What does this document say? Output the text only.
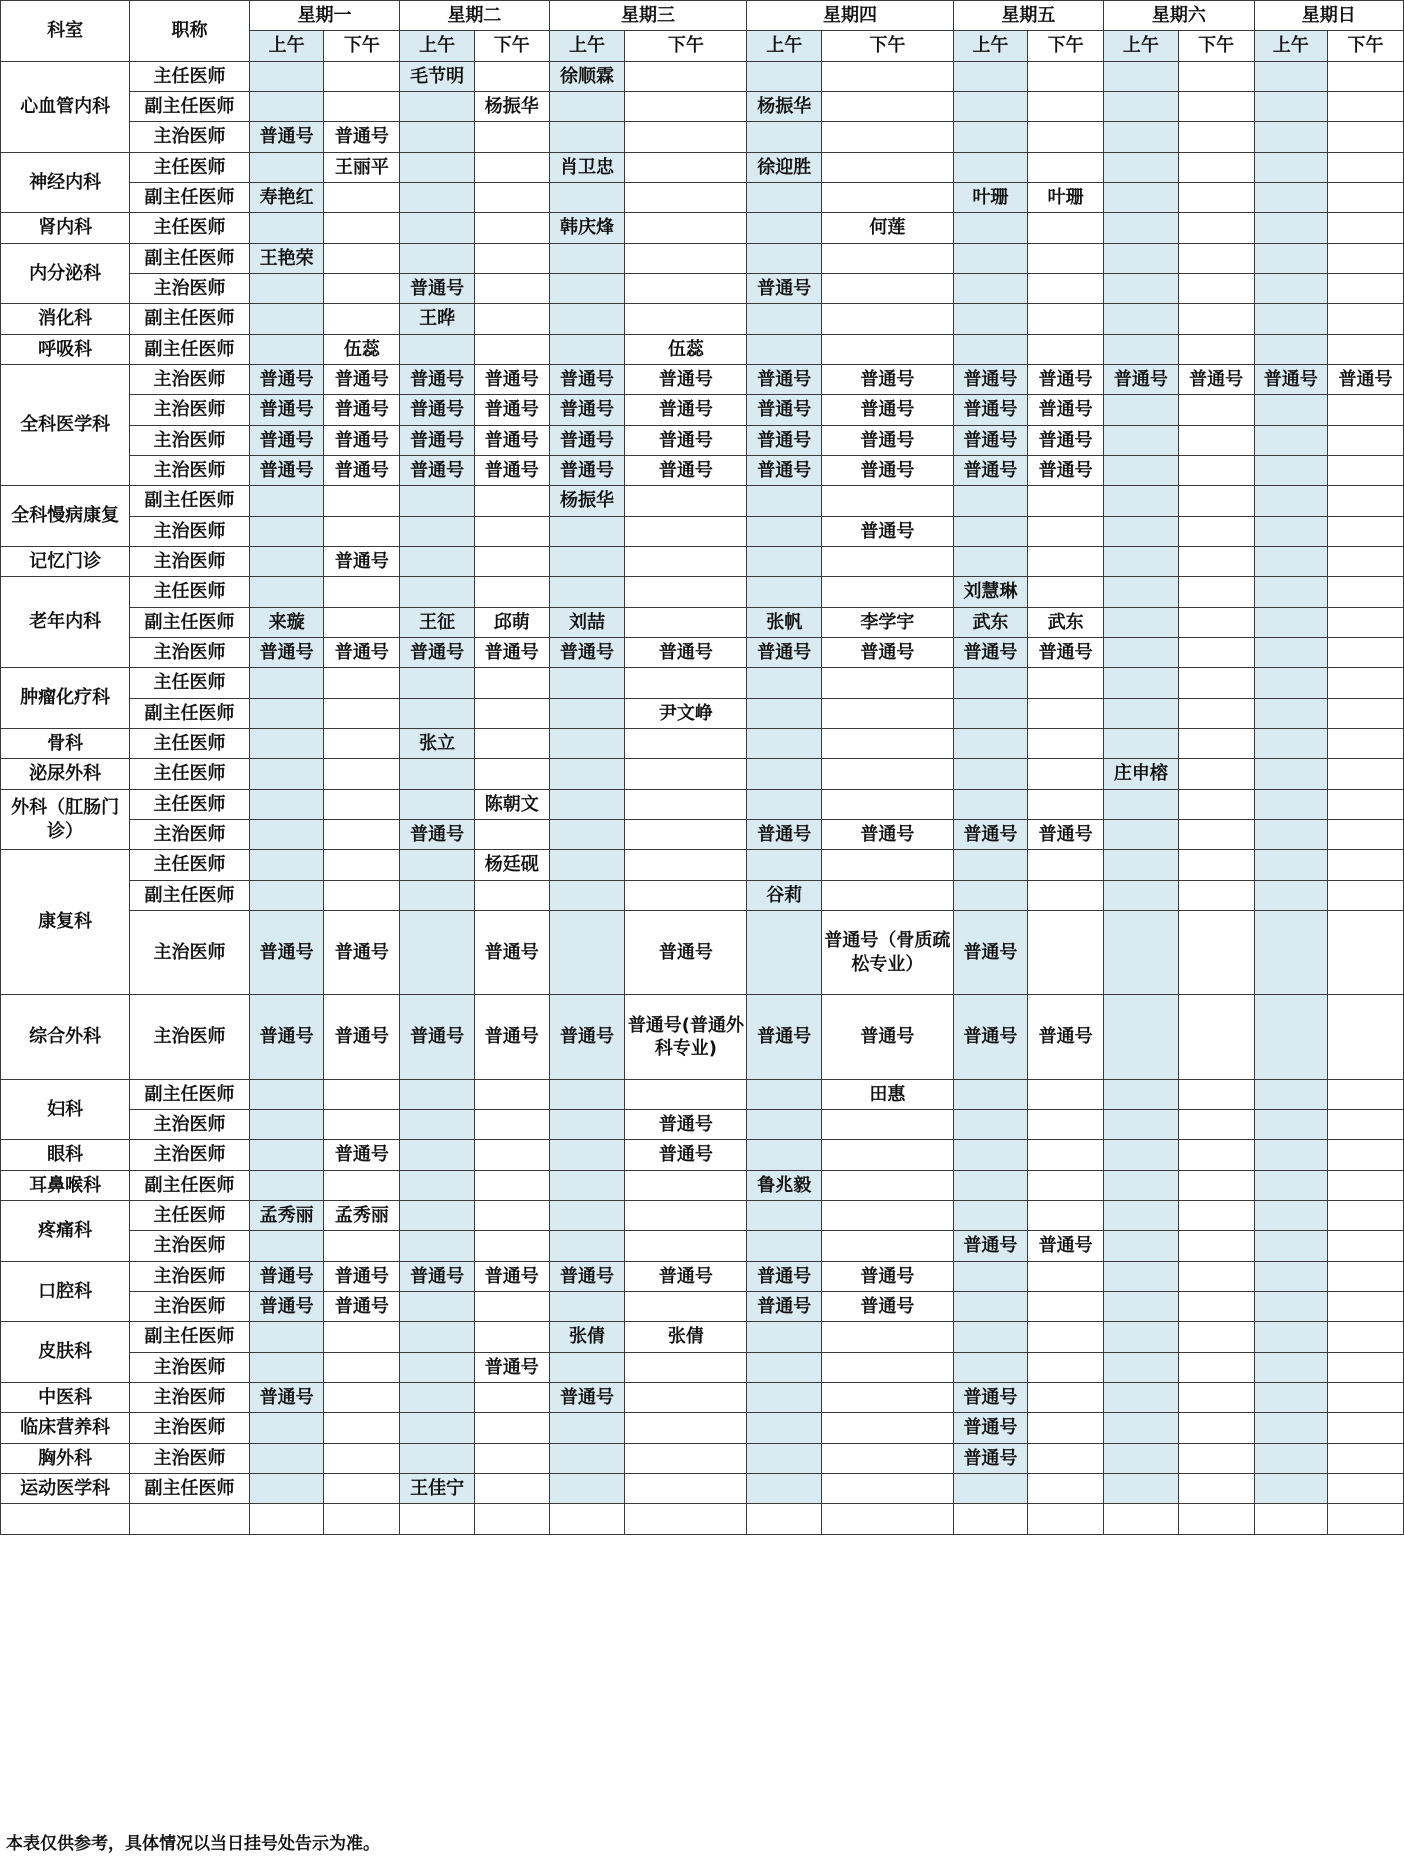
科室	职称	星期一		星期二		星期三		星期四		星期五		星期六		星期日	
		上午	下午	上午	下午	上午	下午	上午	下午	上午	下午	上午	下午	上午	下午
心血管内科	主任医师			毛节明		徐顺霖									
	副主任医师				杨振华			杨振华							
	主治医师	普通号	普通号												
神经内科	主任医师		王丽平			肖卫忠		徐迎胜							
	副主任医师	寿艳红								叶珊	叶珊				
肾内科	主任医师					韩庆烽			何莲						
内分泌科	副主任医师	王艳荣													
	主治医师			普通号				普通号							
消化科	副主任医师			王晔											
呼吸科	副主任医师		伍蕊				伍蕊								
全科医学科	主治医师	普通号	普通号	普通号	普通号	普通号	普通号	普通号	普通号	普通号	普通号	普通号	普通号	普通号	普通号
	主治医师	普通号	普通号	普通号	普通号	普通号	普通号	普通号	普通号	普通号	普通号				
	主治医师	普通号	普通号	普通号	普通号	普通号	普通号	普通号	普通号	普通号	普通号				
	主治医师	普通号	普通号	普通号	普通号	普通号	普通号	普通号	普通号	普通号	普通号				
全科慢病康复	副主任医师					杨振华									
	主治医师								普通号						
记忆门诊	主治医师		普通号												
老年内科	主任医师									刘慧琳					
	副主任医师	来璇		王征	邱萌	刘喆		张帆	李学宇	武东	武东				
	主治医师	普通号	普通号	普通号	普通号	普通号	普通号	普通号	普通号	普通号	普通号				
肿瘤化疗科	主任医师														
	副主任医师						尹文峥								
骨科	主任医师			张立											
泌尿外科	主任医师											庄申榕			
外科（肛肠门诊）	主任医师				陈朝文										
	主治医师			普通号				普通号	普通号	普通号	普通号				
康复科	主任医师				杨廷砚										
	副主任医师							谷莉							
	主治医师	普通号	普通号		普通号		普通号		普通号（骨质疏松专业）	普通号					
综合外科	主治医师	普通号	普通号	普通号	普通号	普通号	普通号(普通外科专业)	普通号	普通号	普通号	普通号				
妇科	副主任医师								田惠						
	主治医师						普通号								
眼科	主治医师		普通号				普通号								
耳鼻喉科	副主任医师							鲁兆毅							
疼痛科	主任医师	孟秀丽	孟秀丽												
	主治医师									普通号	普通号				
口腔科	主治医师	普通号	普通号	普通号	普通号	普通号	普通号	普通号	普通号						
	主治医师	普通号	普通号					普通号	普通号						
皮肤科	副主任医师					张倩	张倩								
	主治医师				普通号										
中医科	主治医师	普通号				普通号				普通号					
临床营养科	主治医师									普通号					
胸外科	主治医师									普通号					
运动医学科	副主任医师			王佳宁											

本表仅供参考，具体情况以当日挂号处告示为准。
